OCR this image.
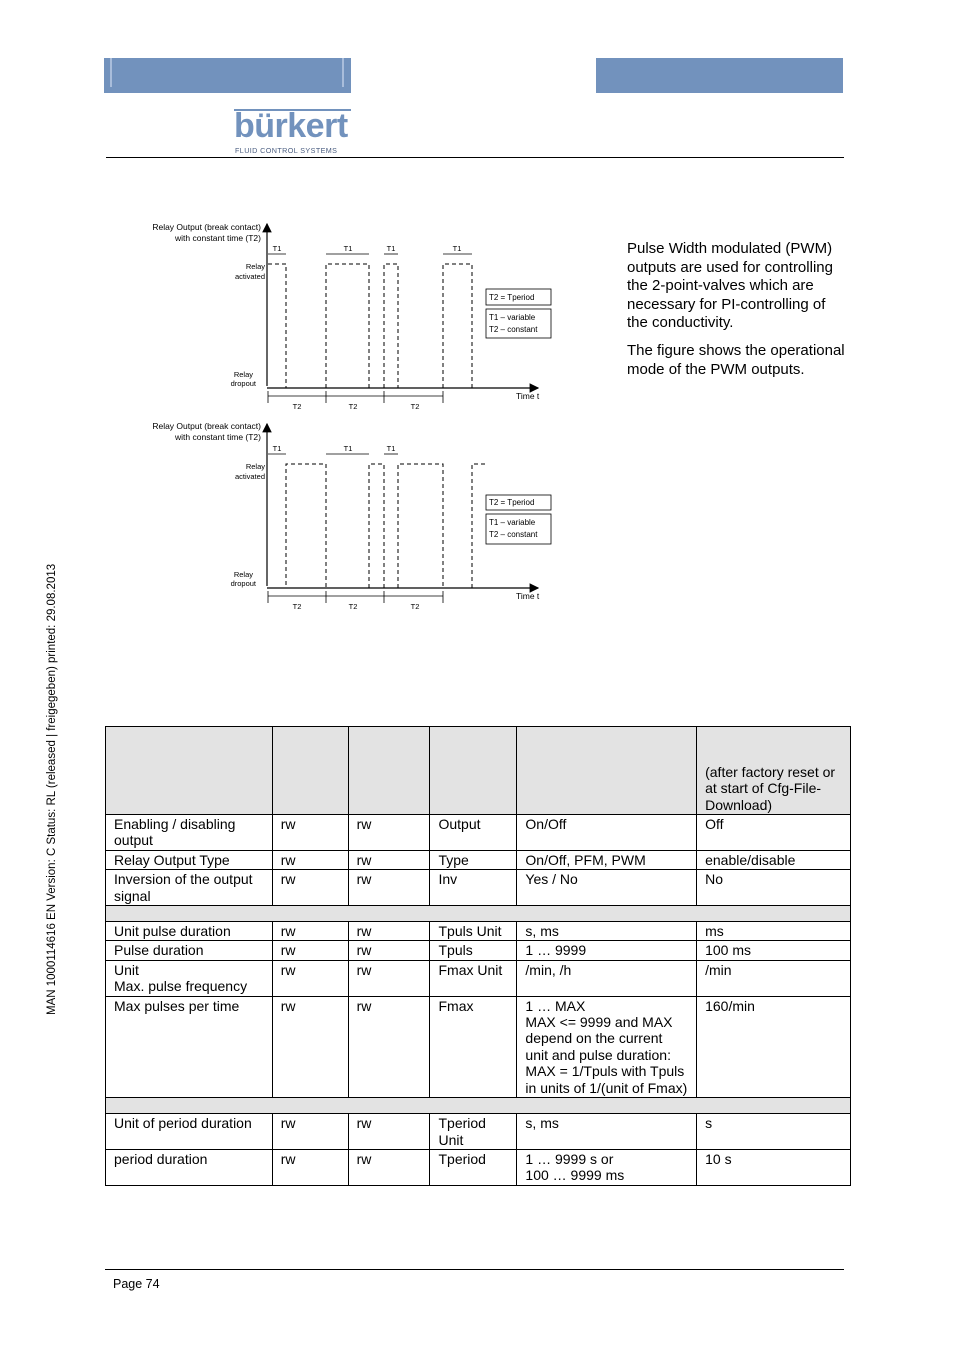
bürkert
FLUID CONTROL SYSTEMS
MAN 1000114616 EN Version: C Status: RL (released | freigegeben) printed: 29.08.2013
Relay Output (break contact)
with constant time (T2)
Relay
activated
Relay
dropout
Time t
T1	T1	T1	T1
T2	T2	T2
T2 = Tperiod
T1 – variable
T2 – constant
Relay Output (break contact)
with constant time (T2)
Relay
activated
Relay
dropout
Time t
T1	T1	T1
T2	T2	T2
T2 = Tperiod
T1 – variable
T2 – constant

Pulse Width modulated (PWM) outputs are used for controlling the 2-point-valves which are necessary for PI-controlling of the conductivity.

The figure shows the operational mode of the PWM outputs.

					(after factory reset or at start of Cfg-File-Download)
Enabling / disabling output	rw	rw	Output	On/Off	Off
Relay Output Type	rw	rw	Type	On/Off, PFM, PWM	enable/disable
Inversion of the output signal	rw	rw	Inv	Yes / No	No

Unit pulse duration	rw	rw	Tpuls Unit	s, ms	ms
Pulse duration	rw	rw	Tpuls	1 … 9999	100 ms
Unit
Max. pulse frequency	rw	rw	Fmax Unit	/min, /h	/min
Max pulses per time	rw	rw	Fmax	1 … MAX
MAX <= 9999 and MAX depend on the current unit and pulse duration: MAX = 1/Tpuls with Tpuls in units of 1/(unit of Fmax)	160/min

Unit of period duration	rw	rw	Tperiod Unit	s, ms	s
period duration	rw	rw	Tperiod	1 … 9999 s or
100 … 9999 ms	10 s
Page 74
